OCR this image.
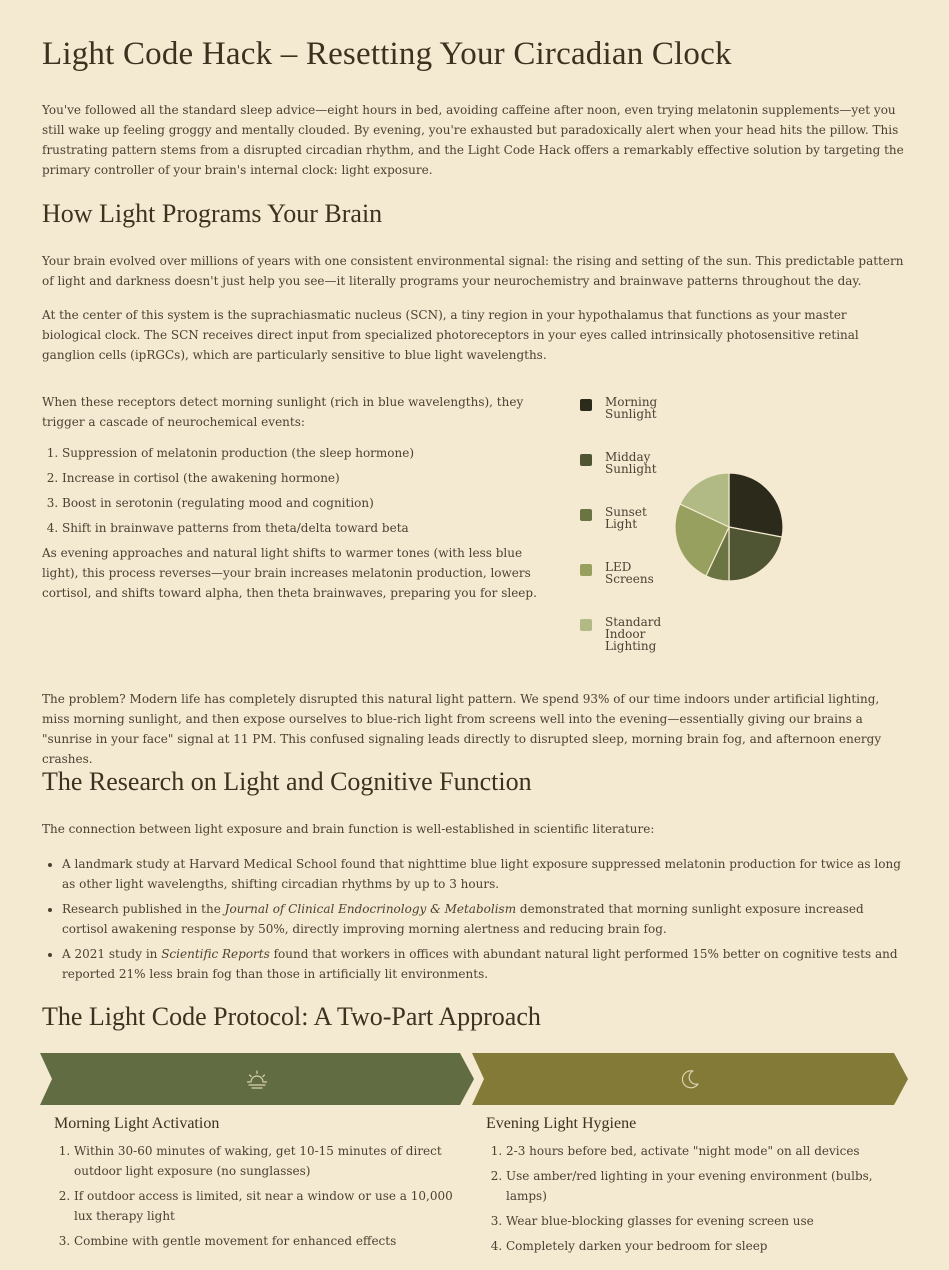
Light Code Hack – Resetting Your Circadian Clock

You've followed all the standard sleep advice—eight hours in bed, avoiding caffeine after noon, even trying melatonin supplements—yet you still wake up feeling groggy and mentally clouded. By evening, you're exhausted but paradoxically alert when your head hits the pillow. This frustrating pattern stems from a disrupted circadian rhythm, and the Light Code Hack offers a remarkably effective solution by targeting the primary controller of your brain's internal clock: light exposure.

How Light Programs Your Brain

Your brain evolved over millions of years with one consistent environmental signal: the rising and setting of the sun. This predictable pattern of light and darkness doesn't just help you see—it literally programs your neurochemistry and brainwave patterns throughout the day.

At the center of this system is the suprachiasmatic nucleus (SCN), a tiny region in your hypothalamus that functions as your master biological clock. The SCN receives direct input from specialized photoreceptors in your eyes called intrinsically photosensitive retinal ganglion cells (ipRGCs), which are particularly sensitive to blue light wavelengths.

When these receptors detect morning sunlight (rich in blue wavelengths), they trigger a cascade of neurochemical events:

1. Suppression of melatonin production (the sleep hormone)
2. Increase in cortisol (the awakening hormone)
3. Boost in serotonin (regulating mood and cognition)
4. Shift in brainwave patterns from theta/delta toward beta

As evening approaches and natural light shifts to warmer tones (with less blue light), this process reverses—your brain increases melatonin production, lowers cortisol, and shifts toward alpha, then theta brainwaves, preparing you for sleep.

Morning
Sunlight
Midday
Sunlight
Sunset
Light
LED
Screens
Standard
Indoor
Lighting

The problem? Modern life has completely disrupted this natural light pattern. We spend 93% of our time indoors under artificial lighting, miss morning sunlight, and then expose ourselves to blue-rich light from screens well into the evening—essentially giving our brains a "sunrise in your face" signal at 11 PM. This confused signaling leads directly to disrupted sleep, morning brain fog, and afternoon energy crashes.

The Research on Light and Cognitive Function

The connection between light exposure and brain function is well-established in scientific literature:

• A landmark study at Harvard Medical School found that nighttime blue light exposure suppressed melatonin production for twice as long as other light wavelengths, shifting circadian rhythms by up to 3 hours.
• Research published in the Journal of Clinical Endocrinology & Metabolism demonstrated that morning sunlight exposure increased cortisol awakening response by 50%, directly improving morning alertness and reducing brain fog.
• A 2021 study in Scientific Reports found that workers in offices with abundant natural light performed 15% better on cognitive tests and reported 21% less brain fog than those in artificially lit environments.
The Light Code Protocol: A Two-Part Approach
Morning Light Activation
1. Within 30-60 minutes of waking, get 10-15 minutes of direct outdoor light exposure (no sunglasses)
2. If outdoor access is limited, sit near a window or use a 10,000 lux therapy light
3. Combine with gentle movement for enhanced effects
Evening Light Hygiene
1. 2-3 hours before bed, activate "night mode" on all devices
2. Use amber/red lighting in your evening environment (bulbs, lamps)
3. Wear blue-blocking glasses for evening screen use
4. Completely darken your bedroom for sleep
